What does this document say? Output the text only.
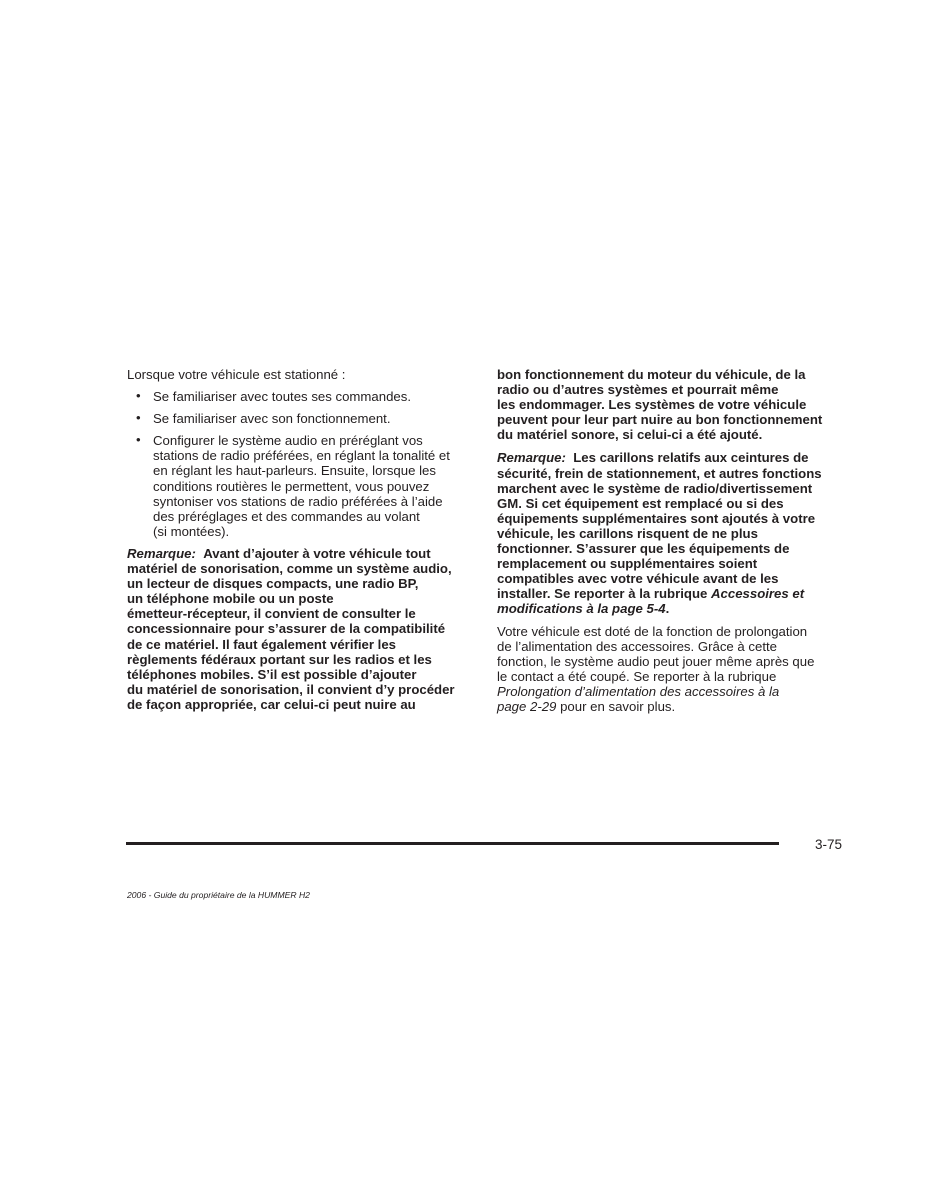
Lorsque votre véhicule est stationné :
• Se familiariser avec toutes ses commandes.
• Se familiariser avec son fonctionnement.
• Configurer le système audio en préréglant vos
stations de radio préférées, en réglant la tonalité et
en réglant les haut-parleurs. Ensuite, lorsque les
conditions routières le permettent, vous pouvez
syntoniser vos stations de radio préférées à l’aide
des préréglages et des commandes au volant
(si montées).
Remarque: Avant d’ajouter à votre véhicule tout
matériel de sonorisation, comme un système audio,
un lecteur de disques compacts, une radio BP,
un téléphone mobile ou un poste
émetteur-récepteur, il convient de consulter le
concessionnaire pour s’assurer de la compatibilité
de ce matériel. Il faut également vérifier les
règlements fédéraux portant sur les radios et les
téléphones mobiles. S’il est possible d’ajouter
du matériel de sonorisation, il convient d’y procéder
de façon appropriée, car celui-ci peut nuire au
bon fonctionnement du moteur du véhicule, de la
radio ou d’autres systèmes et pourrait même
les endommager. Les systèmes de votre véhicule
peuvent pour leur part nuire au bon fonctionnement
du matériel sonore, si celui-ci a été ajouté.
Remarque: Les carillons relatifs aux ceintures de
sécurité, frein de stationnement, et autres fonctions
marchent avec le système de radio/divertissement
GM. Si cet équipement est remplacé ou si des
équipements supplémentaires sont ajoutés à votre
véhicule, les carillons risquent de ne plus
fonctionner. S’assurer que les équipements de
remplacement ou supplémentaires soient
compatibles avec votre véhicule avant de les
installer. Se reporter à la rubrique Accessoires et
modifications à la page 5-4.
Votre véhicule est doté de la fonction de prolongation
de l’alimentation des accessoires. Grâce à cette
fonction, le système audio peut jouer même après que
le contact a été coupé. Se reporter à la rubrique
Prolongation d’alimentation des accessoires à la
page 2-29 pour en savoir plus.
3-75
2006 - Guide du propriétaire de la HUMMER H2
